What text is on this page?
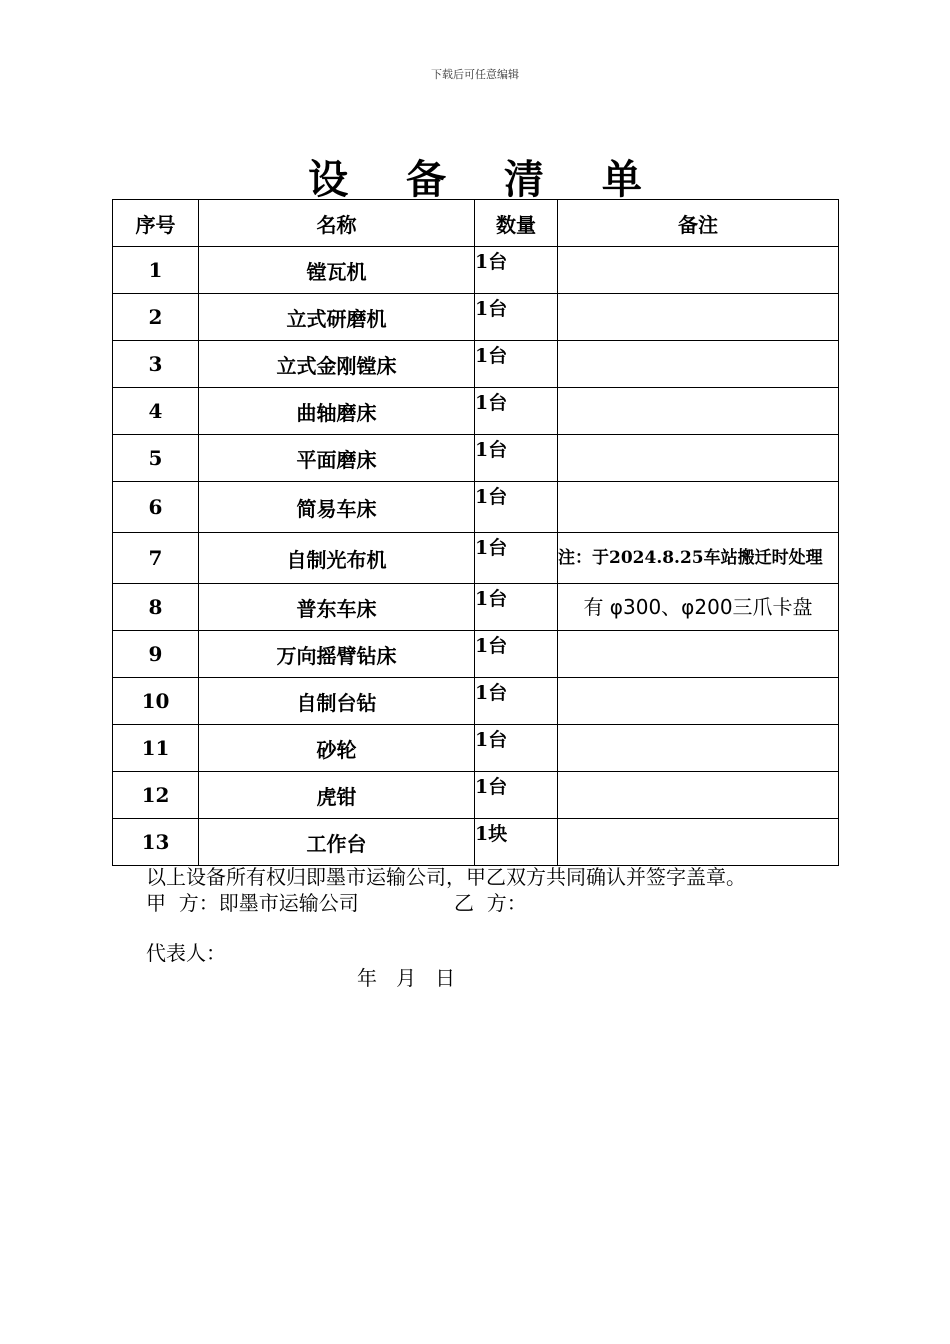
下载后可任意编辑
设 备 清 单
序号	名称	数量	备注
1	镗瓦机	1台	
2	立式研磨机	1台	
3	立式金刚镗床	1台	
4	曲轴磨床	1台	
5	平面磨床	1台	
6	简易车床	1台	
7	自制光布机	1台	注：于2024.8.25车站搬迁时处理
8	普东车床	1台	有 φ300、φ200三爪卡盘
9	万向摇臂钻床	1台	
10	自制台钻	1台	
11	砂轮	1台	
12	虎钳	1台	
13	工作台	1块	
以上设备所有权归即墨市运输公司，甲乙双方共同确认并签字盖章。
甲  方：即墨市运输公司	乙  方：
代表人：
年   月   日
